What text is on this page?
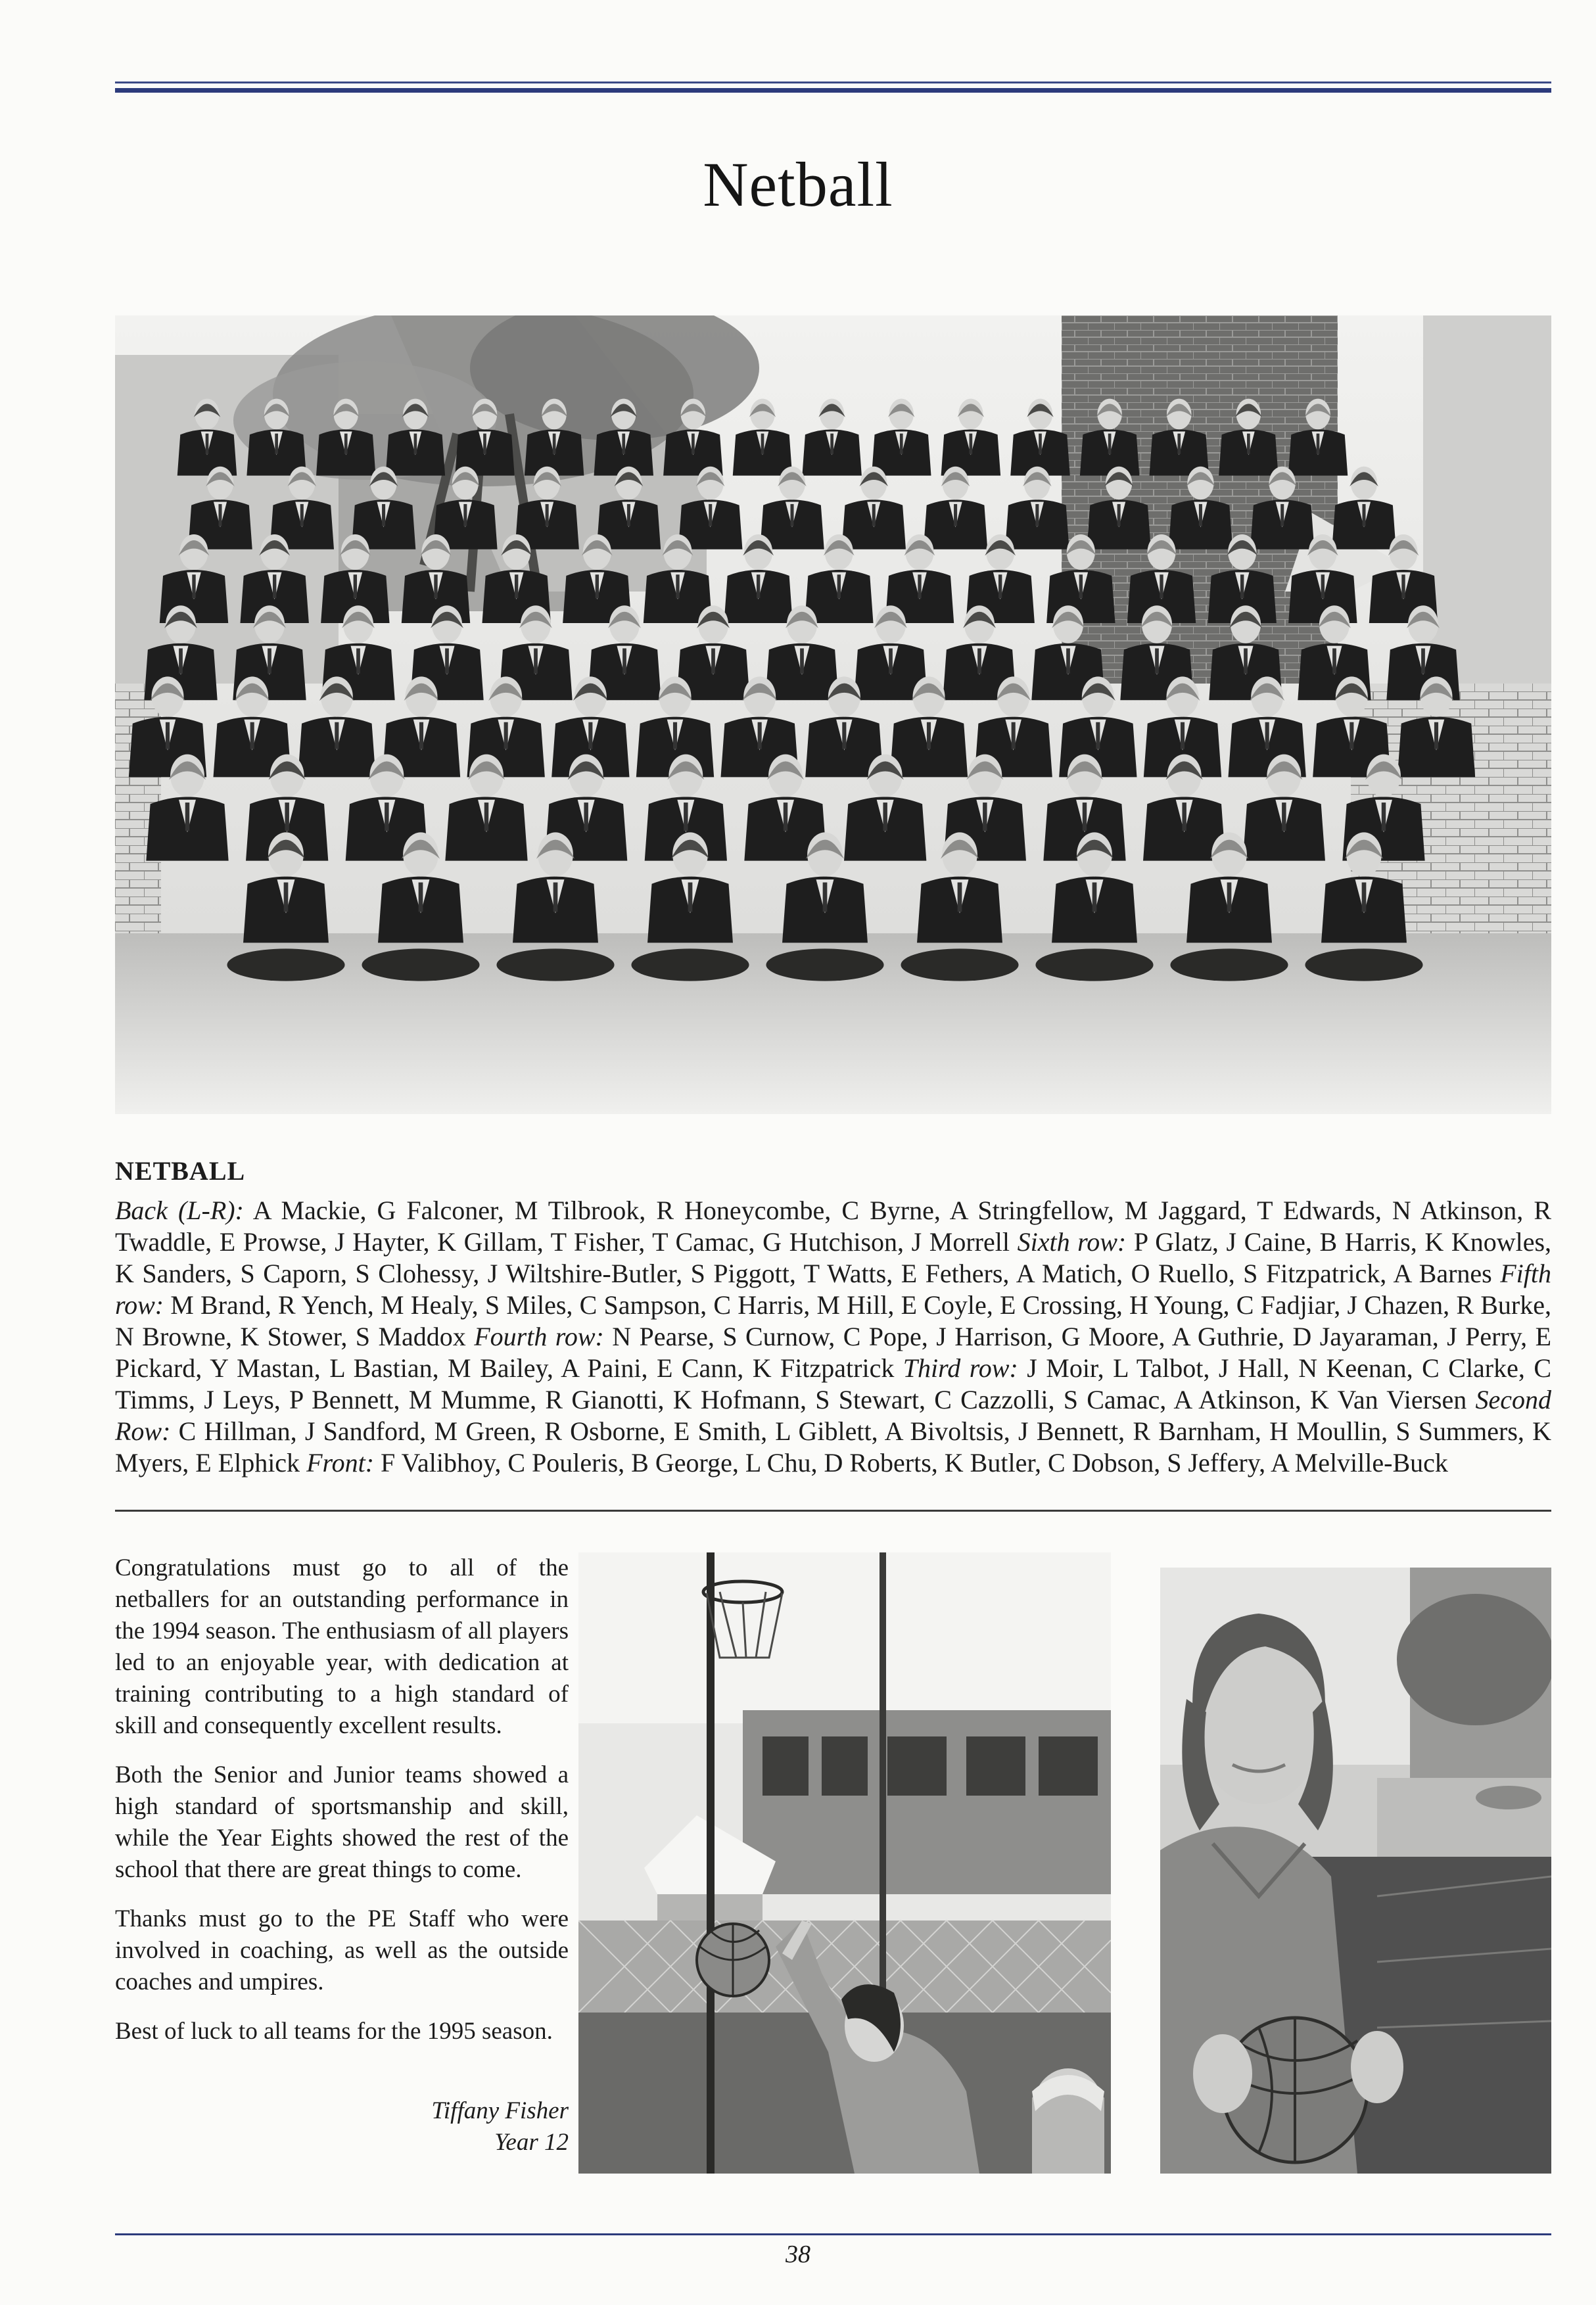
Netball
NETBALL
Back (L-R): A Mackie, G Falconer, M Tilbrook, R Honeycombe, C Byrne, A Stringfellow, M Jaggard, T Edwards, N Atkinson, R Twaddle, E Prowse, J Hayter, K Gillam, T Fisher, T Camac, G Hutchison, J Morrell Sixth row: P Glatz, J Caine, B Harris, K Knowles, K Sanders, S Caporn, S Clohessy, J Wiltshire-Butler, S Piggott, T Watts, E Fethers, A Matich, O Ruello, S Fitzpatrick, A Barnes Fifth row: M Brand, R Yench, M Healy, S Miles, C Sampson, C Harris, M Hill, E Coyle, E Crossing, H Young, C Fadjiar, J Chazen, R Burke, N Browne, K Stower, S Maddox Fourth row: N Pearse, S Curnow, C Pope, J Harrison, G Moore, A Guthrie, D Jayaraman, J Perry, E Pickard, Y Mastan, L Bastian, M Bailey, A Paini, E Cann, K Fitzpatrick Third row: J Moir, L Talbot, J Hall, N Keenan, C Clarke, C Timms, J Leys, P Bennett, M Mumme, R Gianotti, K Hofmann, S Stewart, C Cazzolli, S Camac, A Atkinson, K Van Viersen Second Row: C Hillman, J Sandford, M Green, R Osborne, E Smith, L Giblett, A Bivoltsis, J Bennett, R Barnham, H Moullin, S Summers, K Myers, E Elphick Front: F Valibhoy, C Pouleris, B George, L Chu, D Roberts, K Butler, C Dobson, S Jeffery, A Melville-Buck

Congratulations must go to all of the netballers for an outstanding performance in the 1994 season. The enthusiasm of all players led to an enjoyable year, with dedication at training contributing to a high standard of skill and consequently excellent results.

Both the Senior and Junior teams showed a high standard of sportsmanship and skill, while the Year Eights showed the rest of the school that there are great things to come.

Thanks must go to the PE Staff who were involved in coaching, as well as the outside coaches and umpires.

Best of luck to all teams for the 1995 season.

Tiffany Fisher
Year 12
38
